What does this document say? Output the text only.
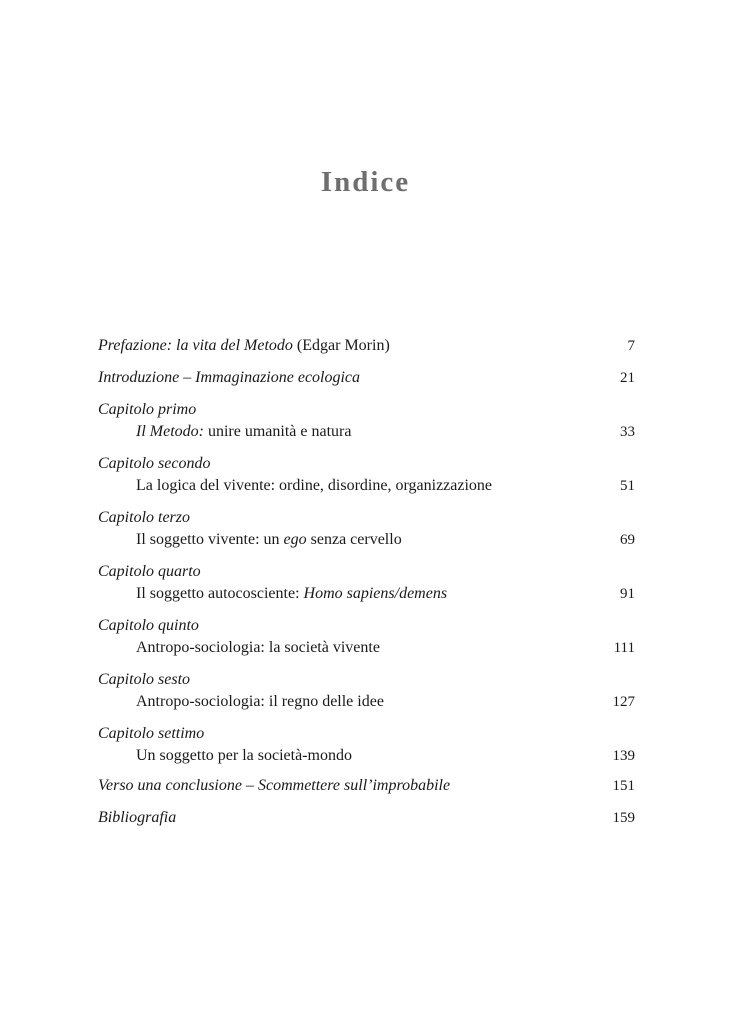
Indice
Prefazione: la vita del Metodo (Edgar Morin)	7
Introduzione – Immaginazione ecologica	21
Capitolo primo
Il Metodo: unire umanità e natura	33
Capitolo secondo
La logica del vivente: ordine, disordine, organizzazione	51
Capitolo terzo
Il soggetto vivente: un ego senza cervello	69
Capitolo quarto
Il soggetto autocosciente: Homo sapiens/demens	91
Capitolo quinto
Antropo-sociologia: la società vivente	111
Capitolo sesto
Antropo-sociologia: il regno delle idee	127
Capitolo settimo
Un soggetto per la società-mondo	139
Verso una conclusione – Scommettere sull’improbabile	151
Bibliografia	159
